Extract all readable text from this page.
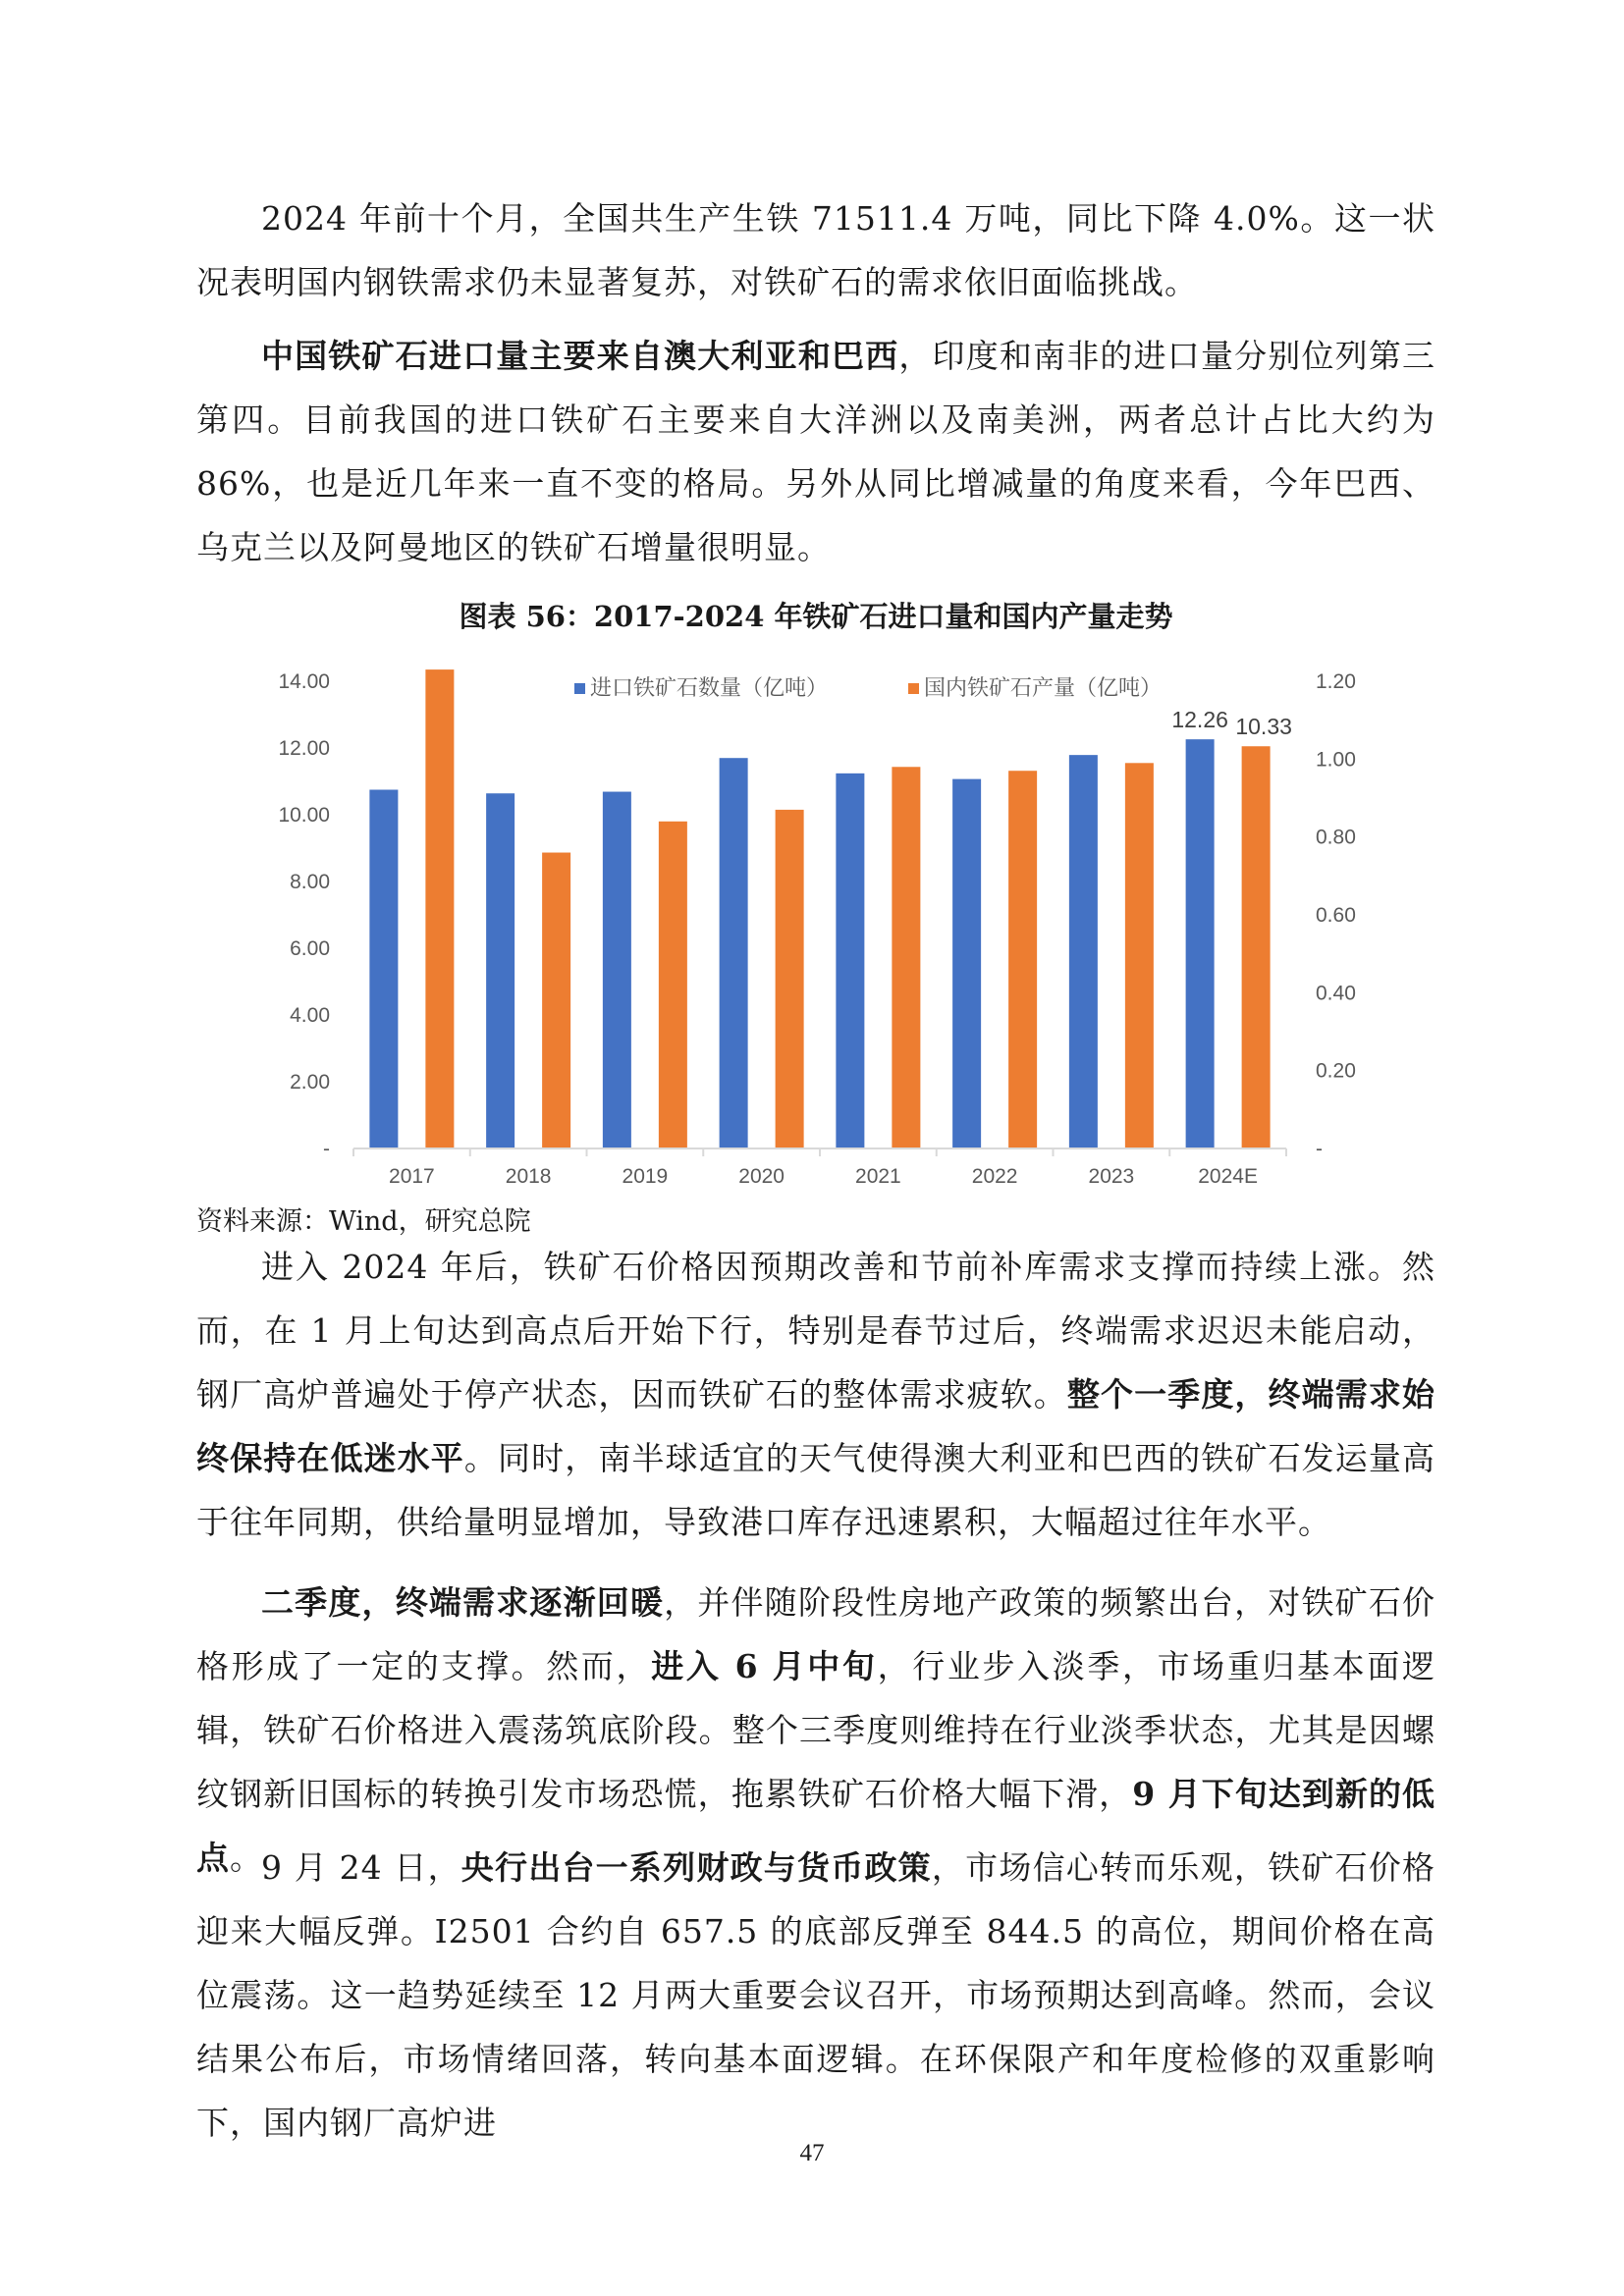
2024 年前十个月，全国共生产生铁 71511.4 万吨，同比下降 4.0%。这一状况表明国内钢铁需求仍未显著复苏，对铁矿石的需求依旧面临挑战。

中国铁矿石进口量主要来自澳大利亚和巴西，印度和南非的进口量分别位列第三第四。目前我国的进口铁矿石主要来自大洋洲以及南美洲，两者总计占比大约为 86%，也是近几年来一直不变的格局。另外从同比增减量的角度来看，今年巴西、乌克兰以及阿曼地区的铁矿石增量很明显。

图表 56：2017-2024 年铁矿石进口量和国内产量走势

-
2.00
4.00
6.00
8.00
10.00
12.00
14.00
-
0.20
0.40
0.60
0.80
1.00
1.20
2017	2018	2019	2020	2021	2022	2023	2024E
12.26 10.33
进口铁矿石数量（亿吨）	国内铁矿石产量（亿吨）

资料来源：Wind，研究总院

进入 2024 年后，铁矿石价格因预期改善和节前补库需求支撑而持续上涨。然而，在 1 月上旬达到高点后开始下行，特别是春节过后，终端需求迟迟未能启动，钢厂高炉普遍处于停产状态，因而铁矿石的整体需求疲软。整个一季度，终端需求始终保持在低迷水平。同时，南半球适宜的天气使得澳大利亚和巴西的铁矿石发运量高于往年同期，供给量明显增加，导致港口库存迅速累积，大幅超过往年水平。

二季度，终端需求逐渐回暖，并伴随阶段性房地产政策的频繁出台，对铁矿石价格形成了一定的支撑。然而，进入 6 月中旬，行业步入淡季，市场重归基本面逻辑，铁矿石价格进入震荡筑底阶段。整个三季度则维持在行业淡季状态，尤其是因螺纹钢新旧国标的转换引发市场恐慌，拖累铁矿石价格大幅下滑，9 月下旬达到新的低点。

9 月 24 日，央行出台一系列财政与货币政策，市场信心转而乐观，铁矿石价格迎来大幅反弹。I2501 合约自 657.5 的底部反弹至 844.5 的高位，期间价格在高位震荡。这一趋势延续至 12 月两大重要会议召开，市场预期达到高峰。然而，会议结果公布后，市场情绪回落，转向基本面逻辑。在环保限产和年度检修的双重影响下，国内钢厂高炉进

47
